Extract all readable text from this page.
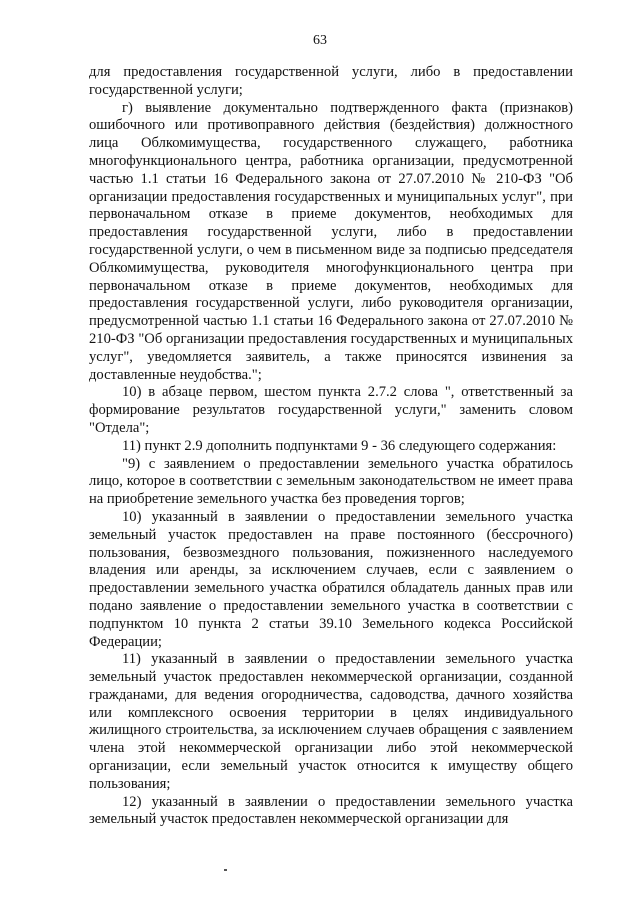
63

для предоставления государственной услуги, либо в предоставлении государственной услуги;

г) выявление документально подтвержденного факта (признаков) ошибочного или противоправного действия (бездействия) должностного лица Облкомимущества, государственного служащего, работника многофункционального центра, работника организации, предусмотренной частью 1.1 статьи 16 Федерального закона от 27.07.2010 № 210-ФЗ "Об организации предоставления государственных и муниципальных услуг", при первоначальном отказе в приеме документов, необходимых для предоставления государственной услуги, либо в предоставлении государственной услуги, о чем в письменном виде за подписью председателя Облкомимущества, руководителя многофункционального центра при первоначальном отказе в приеме документов, необходимых для предоставления государственной услуги, либо руководителя организации, предусмотренной частью 1.1 статьи 16 Федерального закона от 27.07.2010 № 210-ФЗ "Об организации предоставления государственных и муниципальных услуг", уведомляется заявитель, а также приносятся извинения за доставленные неудобства.";

10) в абзаце первом, шестом пункта 2.7.2 слова ", ответственный за формирование результатов государственной услуги," заменить словом "Отдела";

11) пункт 2.9 дополнить подпунктами 9 - 36 следующего содержания:

"9) с заявлением о предоставлении земельного участка обратилось лицо, которое в соответствии с земельным законодательством не имеет права на приобретение земельного участка без проведения торгов;

10) указанный в заявлении о предоставлении земельного участка земельный участок предоставлен на праве постоянного (бессрочного) пользования, безвозмездного пользования, пожизненного наследуемого владения или аренды, за исключением случаев, если с заявлением о предоставлении земельного участка обратился обладатель данных прав или подано заявление о предоставлении земельного участка в соответствии с подпунктом 10 пункта 2 статьи 39.10 Земельного кодекса Российской Федерации;

11) указанный в заявлении о предоставлении земельного участка земельный участок предоставлен некоммерческой организации, созданной гражданами, для ведения огородничества, садоводства, дачного хозяйства или комплексного освоения территории в целях индивидуального жилищного строительства, за исключением случаев обращения с заявлением члена этой некоммерческой организации либо этой некоммерческой организации, если земельный участок относится к имуществу общего пользования;

12) указанный в заявлении о предоставлении земельного участка земельный участок предоставлен некоммерческой организации для
